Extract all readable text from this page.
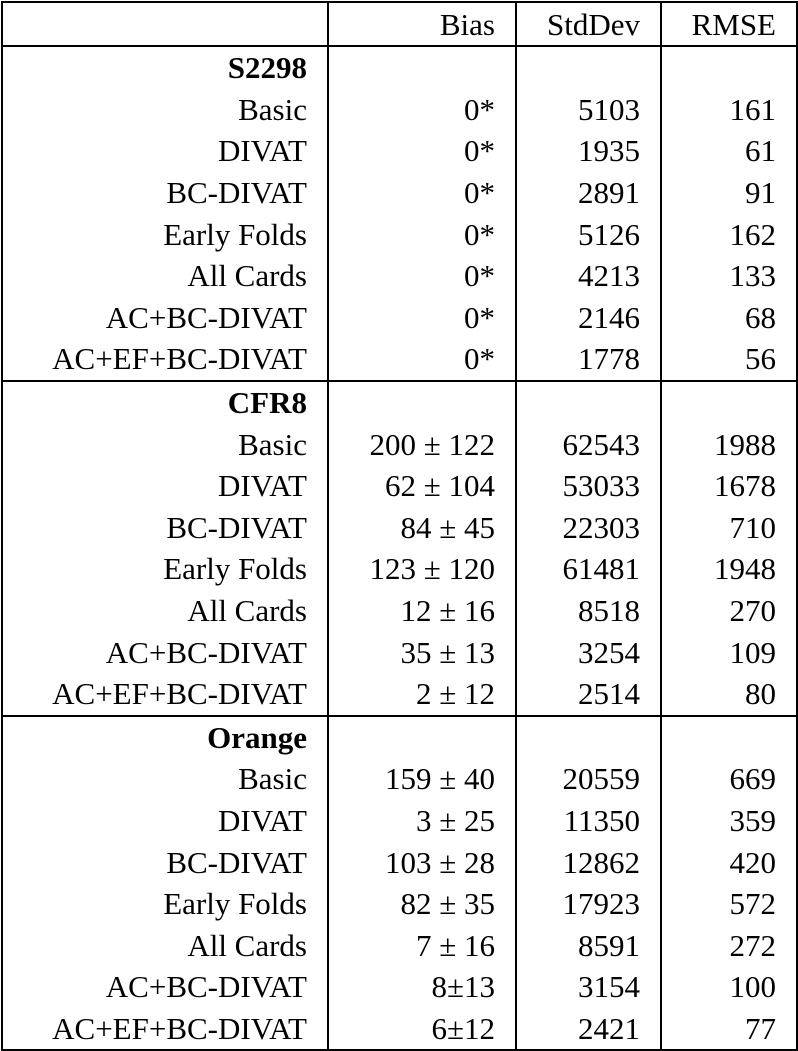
	Bias	StdDev	RMSE
S2298			
Basic	0*	5103	161
DIVAT	0*	1935	61
BC-DIVAT	0*	2891	91
Early Folds	0*	5126	162
All Cards	0*	4213	133
AC+BC-DIVAT	0*	2146	68
AC+EF+BC-DIVAT	0*	1778	56
CFR8			
Basic	200 ± 122	62543	1988
DIVAT	62 ± 104	53033	1678
BC-DIVAT	84 ± 45	22303	710
Early Folds	123 ± 120	61481	1948
All Cards	12 ± 16	8518	270
AC+BC-DIVAT	35 ± 13	3254	109
AC+EF+BC-DIVAT	2 ± 12	2514	80
Orange			
Basic	159 ± 40	20559	669
DIVAT	3 ± 25	11350	359
BC-DIVAT	103 ± 28	12862	420
Early Folds	82 ± 35	17923	572
All Cards	7 ± 16	8591	272
AC+BC-DIVAT	8±13	3154	100
AC+EF+BC-DIVAT	6±12	2421	77
